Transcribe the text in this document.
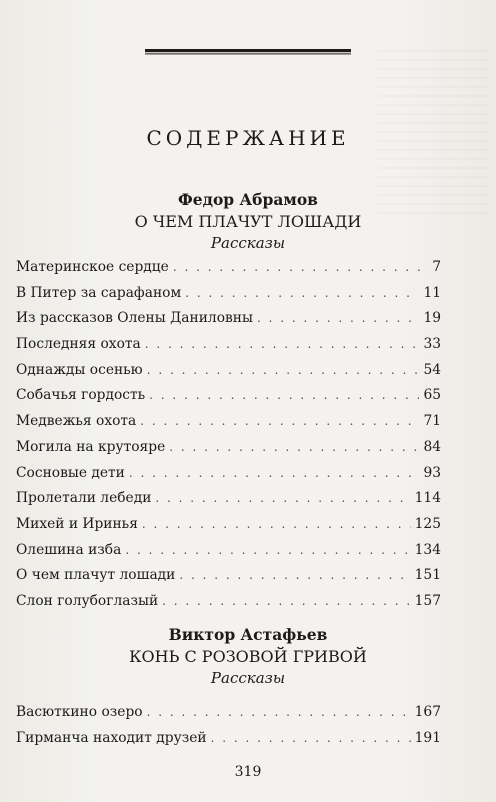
СОДЕРЖАНИЕ
Федор Абрамов
О ЧЕМ ПЛАЧУТ ЛОШАДИ
Рассказы
Материнское сердце . . .	7
В Питер за сарафаном . . .	11
Из рассказов Олены Даниловны . . .	19
Последняя охота . . .	33
Однажды осенью . . .	54
Собачья гордость . . .	65
Медвежья охота . . .	71
Могила на крутояре . . .	84
Сосновые дети . . .	93
Пролетали лебеди . . .	114
Михей и Иринья . . .	125
Олешина изба . . .	134
О чем плачут лошади . . .	151
Слон голубоглазый . . .	157
Виктор Астафьев
КОНЬ С РОЗОВОЙ ГРИВОЙ
Рассказы
Васюткино озеро . . .	167
Гирманча находит друзей . . .	191
319
